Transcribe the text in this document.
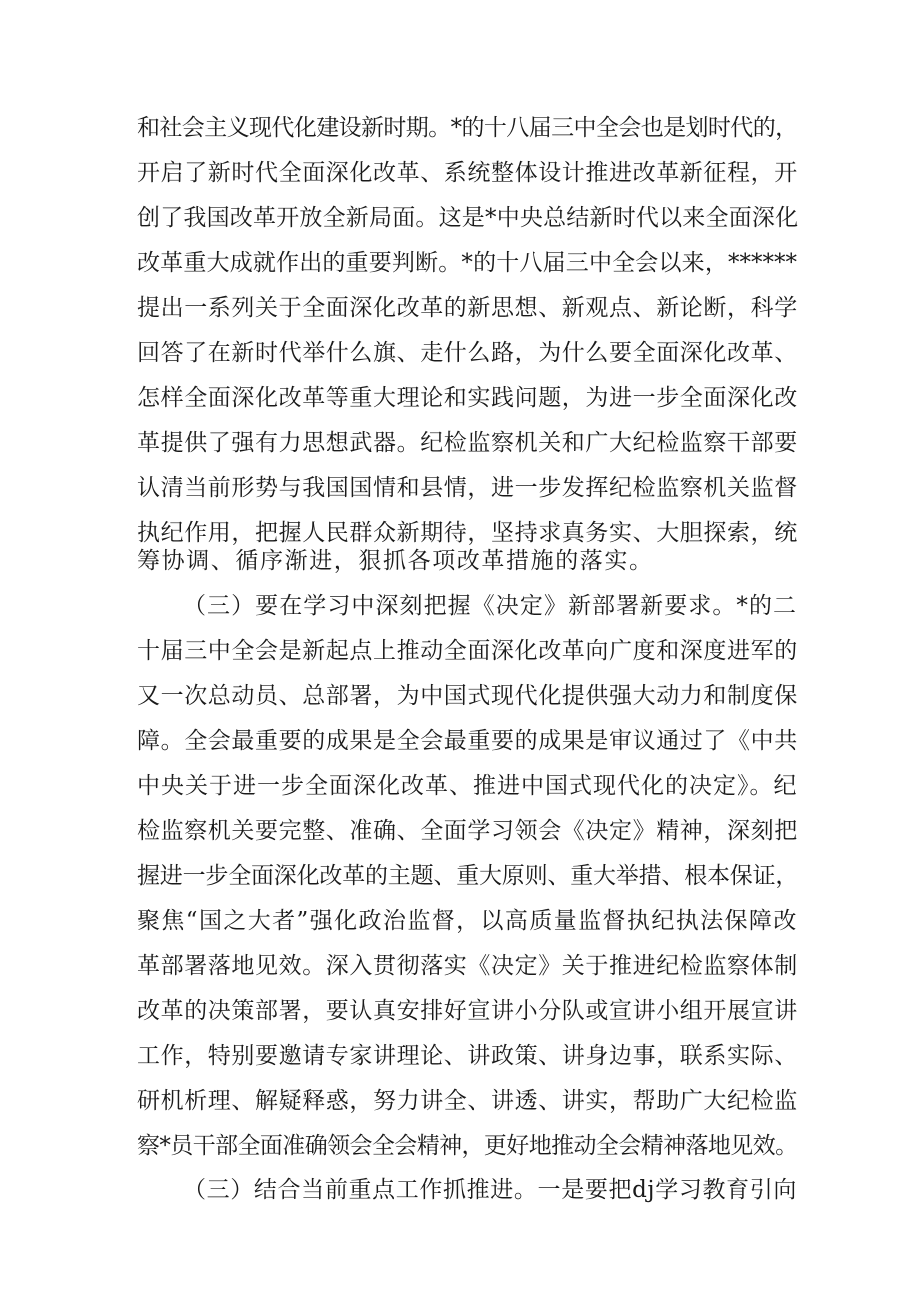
和社会主义现代化建设新时期。*的十八届三中全会也是划时代的，
开启了新时代全面深化改革、系统整体设计推进改革新征程，开
创了我国改革开放全新局面。这是*中央总结新时代以来全面深化
改革重大成就作出的重要判断。*的十八届三中全会以来，******
提出一系列关于全面深化改革的新思想、新观点、新论断，科学
回答了在新时代举什么旗、走什么路，为什么要全面深化改革、
怎样全面深化改革等重大理论和实践问题，为进一步全面深化改
革提供了强有力思想武器。纪检监察机关和广大纪检监察干部要
认清当前形势与我国国情和县情，进一步发挥纪检监察机关监督
执纪作用，把握人民群众新期待，坚持求真务实、大胆探索，统
筹协调、循序渐进，狠抓各项改革措施的落实。
（三）要在学习中深刻把握《决定》新部署新要求。*的二
十届三中全会是新起点上推动全面深化改革向广度和深度进军的
又一次总动员、总部署，为中国式现代化提供强大动力和制度保
障。全会最重要的成果是全会最重要的成果是审议通过了《中共
中央关于进一步全面深化改革、推进中国式现代化的决定》。纪
检监察机关要完整、准确、全面学习领会《决定》精神，深刻把
握进一步全面深化改革的主题、重大原则、重大举措、根本保证，
聚焦“国之大者”强化政治监督，以高质量监督执纪执法保障改
革部署落地见效。深入贯彻落实《决定》关于推进纪检监察体制
改革的决策部署，要认真安排好宣讲小分队或宣讲小组开展宣讲
工作，特别要邀请专家讲理论、讲政策、讲身边事，联系实际、
研机析理、解疑释惑，努力讲全、讲透、讲实，帮助广大纪检监
察*员干部全面准确领会全会精神，更好地推动全会精神落地见效。
（三）结合当前重点工作抓推进。一是要把dj学习教育引向
